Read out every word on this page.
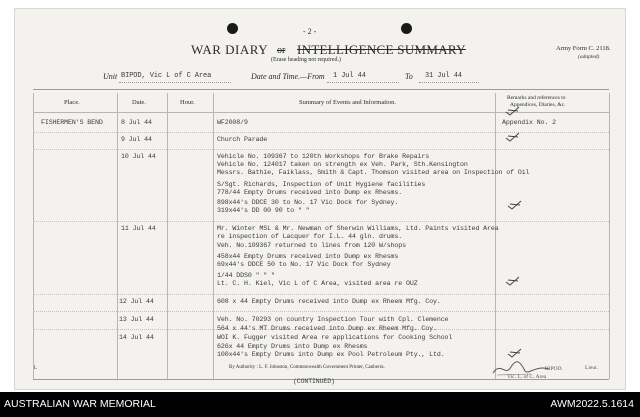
- 2 -
WAR DIARY or INTELLIGENCE SUMMARY
(Erase heading not required.)
Army Form C. 2118.
(adapted)
Unit BIPOD, Vic L of C Area	Date and Time.—From 1 Jul 44	To 31 Jul 44
Place.	Date.	Hour.	Summary of Events and Information.
Remarks and references to
Appendices, Diaries, &c.
FISHERMEN'S BEND	8 Jul 44	WF2008/9	Appendix No. 2
9 Jul 44	Church Parade
10 Jul 44	Vehicle No. 109367 to 120th Workshops for Brake Repairs
Vehicle No. 124017 taken on strength ex Veh. Park, Sth.Kensington
Messrs. Bathie, Faiklass, Smith & Capt. Thomson visited area on Inspection of Oil
S/Sgt. Richards, Inspection of Unit Hygiene facilities
778/44 Empty Drums received into Dump ex Rhesms.
898x44's DDCE 30 to No. 17 Vic Dock for Sydney.
319x44's DD 00 90 to " "
11 Jul 44	Mr. Winter MSL & Mr. Newman of Sherwin Williams, Ltd. Paints visited Area
re inspection of Lacquer for I.L. 44 gln. drums.
Veh. No.109367 returned to lines from 120 W/shops
458x44 Empty Drums received into Dump ex Rhesms
69x44's DDCE 50 to No. 17 Vic Dock for Sydney
1/44 DDS0 " " "
Lt. C. H. Kiel, Vic L of C Area, visited area re OUZ
12 Jul 44	608 x 44 Empty Drums received into Dump ex Rheem Mfg. Coy.
13 Jul 44	Veh. No. 70293 on country Inspection Tour with Cpl. Clemence
564 x 44's MT Drums received into Dump ex Rheem Mfg. Coy.
14 Jul 44	WOI K. Fugger visited Area re applications for Cooking School
626x 44 Empty Drums into Dump ex Rhesms
100x44's Empty Drums into Dump ex Pool Petroleum Pty., Ltd.
L	By Authority : L. F. Johnston, Commonwealth Government Printer, Canberra.
(CONTINUED)
BIPOD.	Lieut.
Vic. L. of C. Area
AUSTRALIAN WAR MEMORIAL	AWM2022.5.1614
